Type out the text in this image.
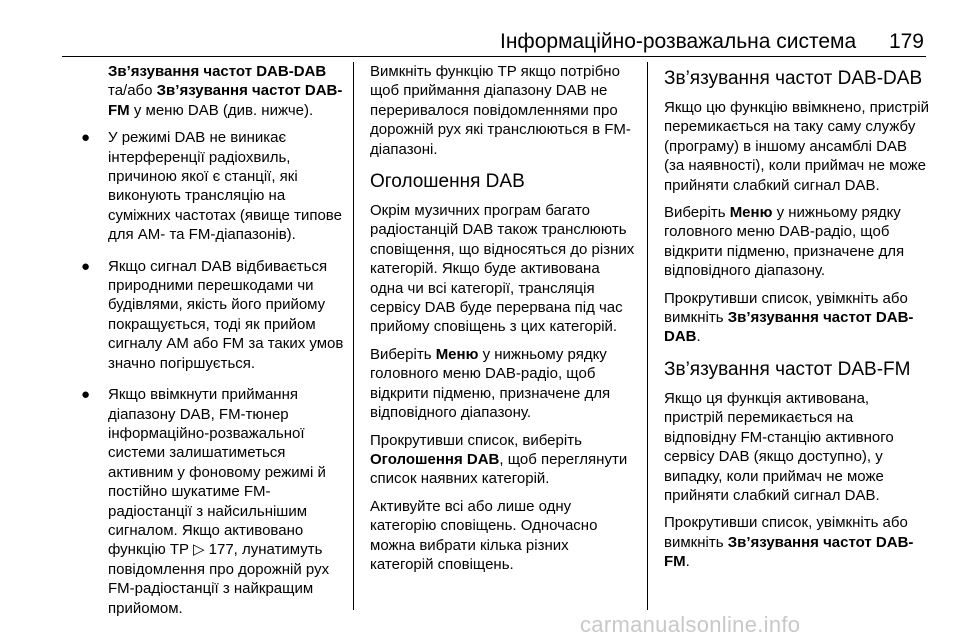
Інформаційно-розважальна система	179

Зв’язування частот DAB-DAB та/або Зв’язування частот DAB-FM у меню DAB (див. нижче).

● У режимі DAB не виникає інтерференції радіохвиль, причиною якої є станції, які виконують трансляцію на суміжних частотах (явище типове для AM- та FM-діапазонів).
● Якщо сигнал DAB відбивається природними перешкодами чи будівлями, якість його прийому покращується, тоді як прийом сигналу AM або FM за таких умов значно погіршується.
● Якщо ввімкнути приймання діапазону DAB, FM-тюнер інформаційно-розважальної системи залишатиметься активним у фоновому режимі й постійно шукатиме FM-радіостанції з найсильнішим сигналом. Якщо активовано функцію TP ▷ 177, лунатимуть повідомлення про дорожній рух FM-радіостанції з найкращим прийомом.

Вимкніть функцію TP якщо потрібно щоб приймання діапазону DAB не переривалося повідомленнями про дорожній рух які транслюються в FM-діапазоні.

Оголошення DAB

Окрім музичних програм багато радіостанцій DAB також транслюють сповіщення, що відносяться до різних категорій. Якщо буде активована одна чи всі категорії, трансляція сервісу DAB буде перервана під час прийому сповіщень з цих категорій.

Виберіть Меню у нижньому рядку головного меню DAB-радіо, щоб відкрити підменю, призначене для відповідного діапазону.

Прокрутивши список, виберіть Оголошення DAB, щоб переглянути список наявних категорій.

Активуйте всі або лише одну категорію сповіщень. Одночасно можна вибрати кілька різних категорій сповіщень.

Зв’язування частот DAB-DAB

Якщо цю функцію ввімкнено, пристрій перемикається на таку саму службу (програму) в іншому ансамблі DAB (за наявності), коли приймач не може прийняти слабкий сигнал DAB.

Виберіть Меню у нижньому рядку головного меню DAB-радіо, щоб відкрити підменю, призначене для відповідного діапазону.

Прокрутивши список, увімкніть або вимкніть Зв’язування частот DAB-DAB.

Зв’язування частот DAB-FM

Якщо ця функція активована, пристрій перемикається на відповідну FM-станцію активного сервісу DAB (якщо доступно), у випадку, коли приймач не може прийняти слабкий сигнал DAB.

Прокрутивши список, увімкніть або вимкніть Зв’язування частот DAB-FM.

carmanualsonline.info
